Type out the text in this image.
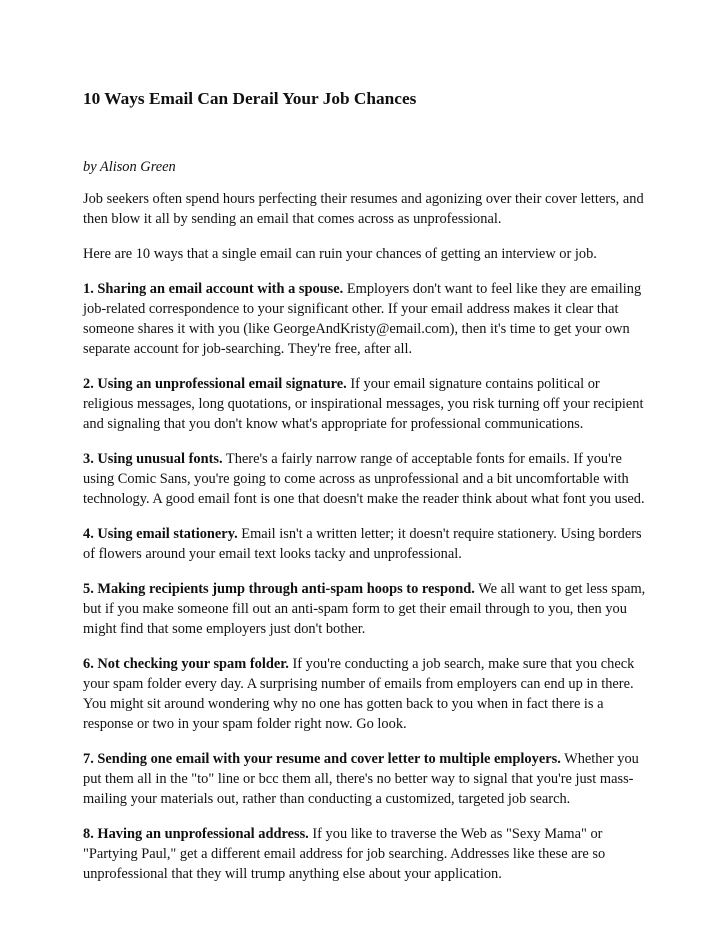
10 Ways Email Can Derail Your Job Chances

by Alison Green

Job seekers often spend hours perfecting their resumes and agonizing over their cover letters, and then blow it all by sending an email that comes across as unprofessional.

Here are 10 ways that a single email can ruin your chances of getting an interview or job.

1. Sharing an email account with a spouse. Employers don't want to feel like they are emailing job-related correspondence to your significant other. If your email address makes it clear that someone shares it with you (like GeorgeAndKristy@email.com), then it's time to get your own separate account for job-searching. They're free, after all.

2. Using an unprofessional email signature. If your email signature contains political or religious messages, long quotations, or inspirational messages, you risk turning off your recipient and signaling that you don't know what's appropriate for professional communications.

3. Using unusual fonts. There's a fairly narrow range of acceptable fonts for emails. If you're using Comic Sans, you're going to come across as unprofessional and a bit uncomfortable with technology. A good email font is one that doesn't make the reader think about what font you used.

4. Using email stationery. Email isn't a written letter; it doesn't require stationery. Using borders of flowers around your email text looks tacky and unprofessional.

5. Making recipients jump through anti-spam hoops to respond. We all want to get less spam, but if you make someone fill out an anti-spam form to get their email through to you, then you might find that some employers just don't bother.

6. Not checking your spam folder. If you're conducting a job search, make sure that you check your spam folder every day. A surprising number of emails from employers can end up in there. You might sit around wondering why no one has gotten back to you when in fact there is a response or two in your spam folder right now. Go look.

7. Sending one email with your resume and cover letter to multiple employers. Whether you put them all in the "to" line or bcc them all, there's no better way to signal that you're just mass-mailing your materials out, rather than conducting a customized, targeted job search.

8. Having an unprofessional address. If you like to traverse the Web as "Sexy Mama" or "Partying Paul," get a different email address for job searching. Addresses like these are so unprofessional that they will trump anything else about your application.
